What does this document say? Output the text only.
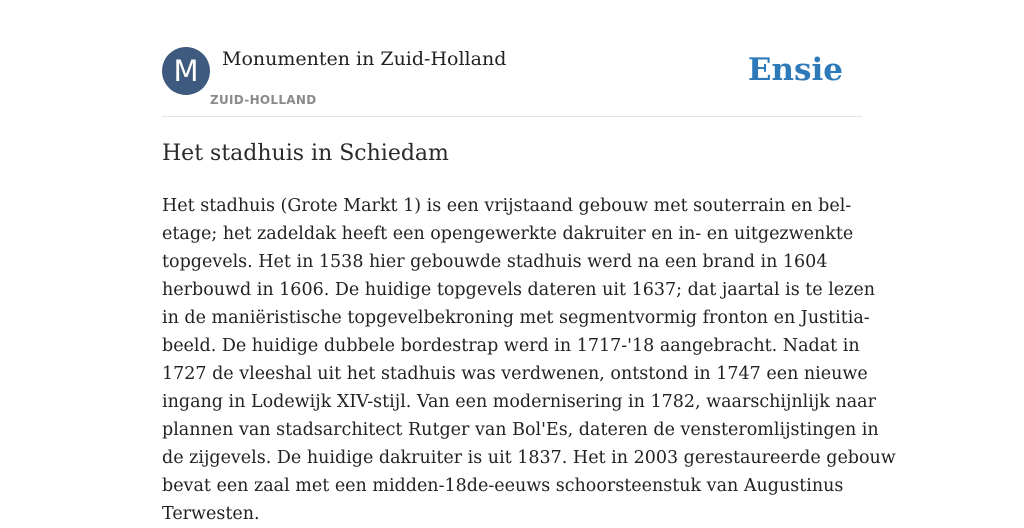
M	Monumenten in Zuid-Holland
ZUID-HOLLAND
Ensie
Het stadhuis in Schiedam

Het stadhuis (Grote Markt 1) is een vrijstaand gebouw met souterrain en bel-
etage; het zadeldak heeft een opengewerkte dakruiter en in- en uitgezwenkte
topgevels. Het in 1538 hier gebouwde stadhuis werd na een brand in 1604
herbouwd in 1606. De huidige topgevels dateren uit 1637; dat jaartal is te lezen
in de maniëristische topgevelbekroning met segmentvormig fronton en Justitia-
beeld. De huidige dubbele bordestrap werd in 1717-'18 aangebracht. Nadat in
1727 de vleeshal uit het stadhuis was verdwenen, ontstond in 1747 een nieuwe
ingang in Lodewijk XIV-stijl. Van een modernisering in 1782, waarschijnlijk naar
plannen van stadsarchitect Rutger van Bol'Es, dateren de vensteromlijstingen in
de zijgevels. De huidige dakruiter is uit 1837. Het in 2003 gerestaureerde gebouw
bevat een zaal met een midden-18de-eeuws schoorsteenstuk van Augustinus
Terwesten.
